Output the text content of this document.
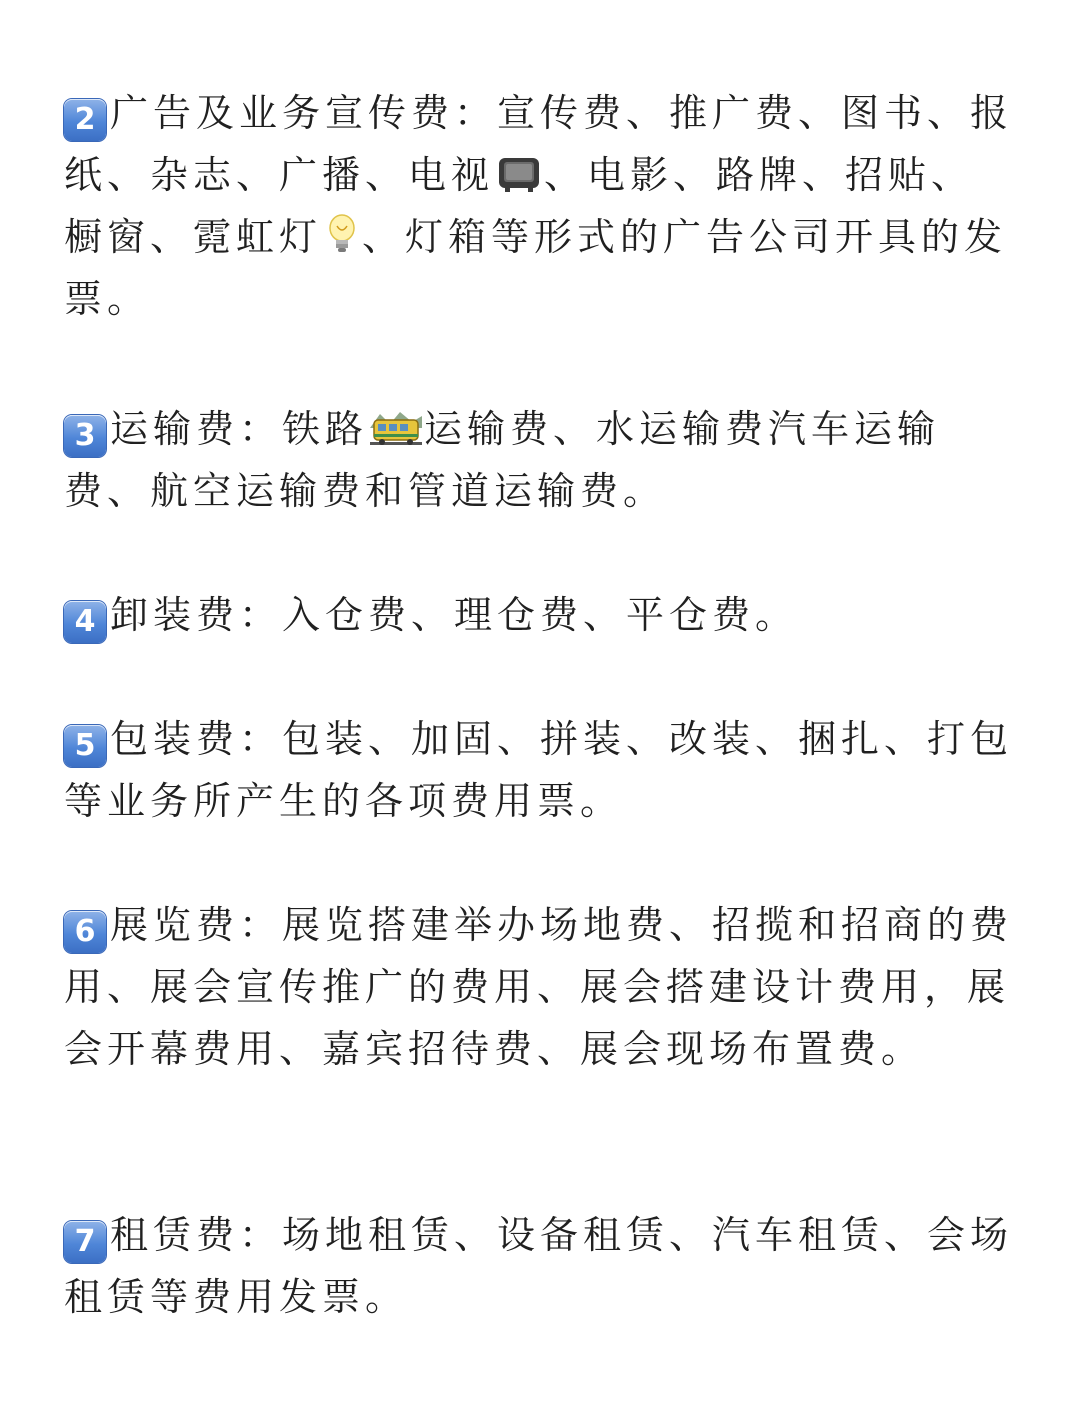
2 广告及业务宣传费：宣传费、推广费、图书、报纸、杂志、广播、电视 、电影、路牌、招贴、橱窗、霓虹灯 、灯箱等形式的广告公司开具的发票。
3 运输费：铁路 运输费、水运输费汽车运输费、航空运输费和管道运输费。
4 卸装费：入仓费、理仓费、平仓费。
5 包装费：包装、加固、拼装、改装、捆扎、打包等业务所产生的各项费用票。
6 展览费：展览搭建举办场地费、招揽和招商的费用、展会宣传推广的费用、展会搭建设计费用，展会开幕费用、嘉宾招待费、展会现场布置费。
7 租赁费：场地租赁、设备租赁、汽车租赁、会场租赁等费用发票。
